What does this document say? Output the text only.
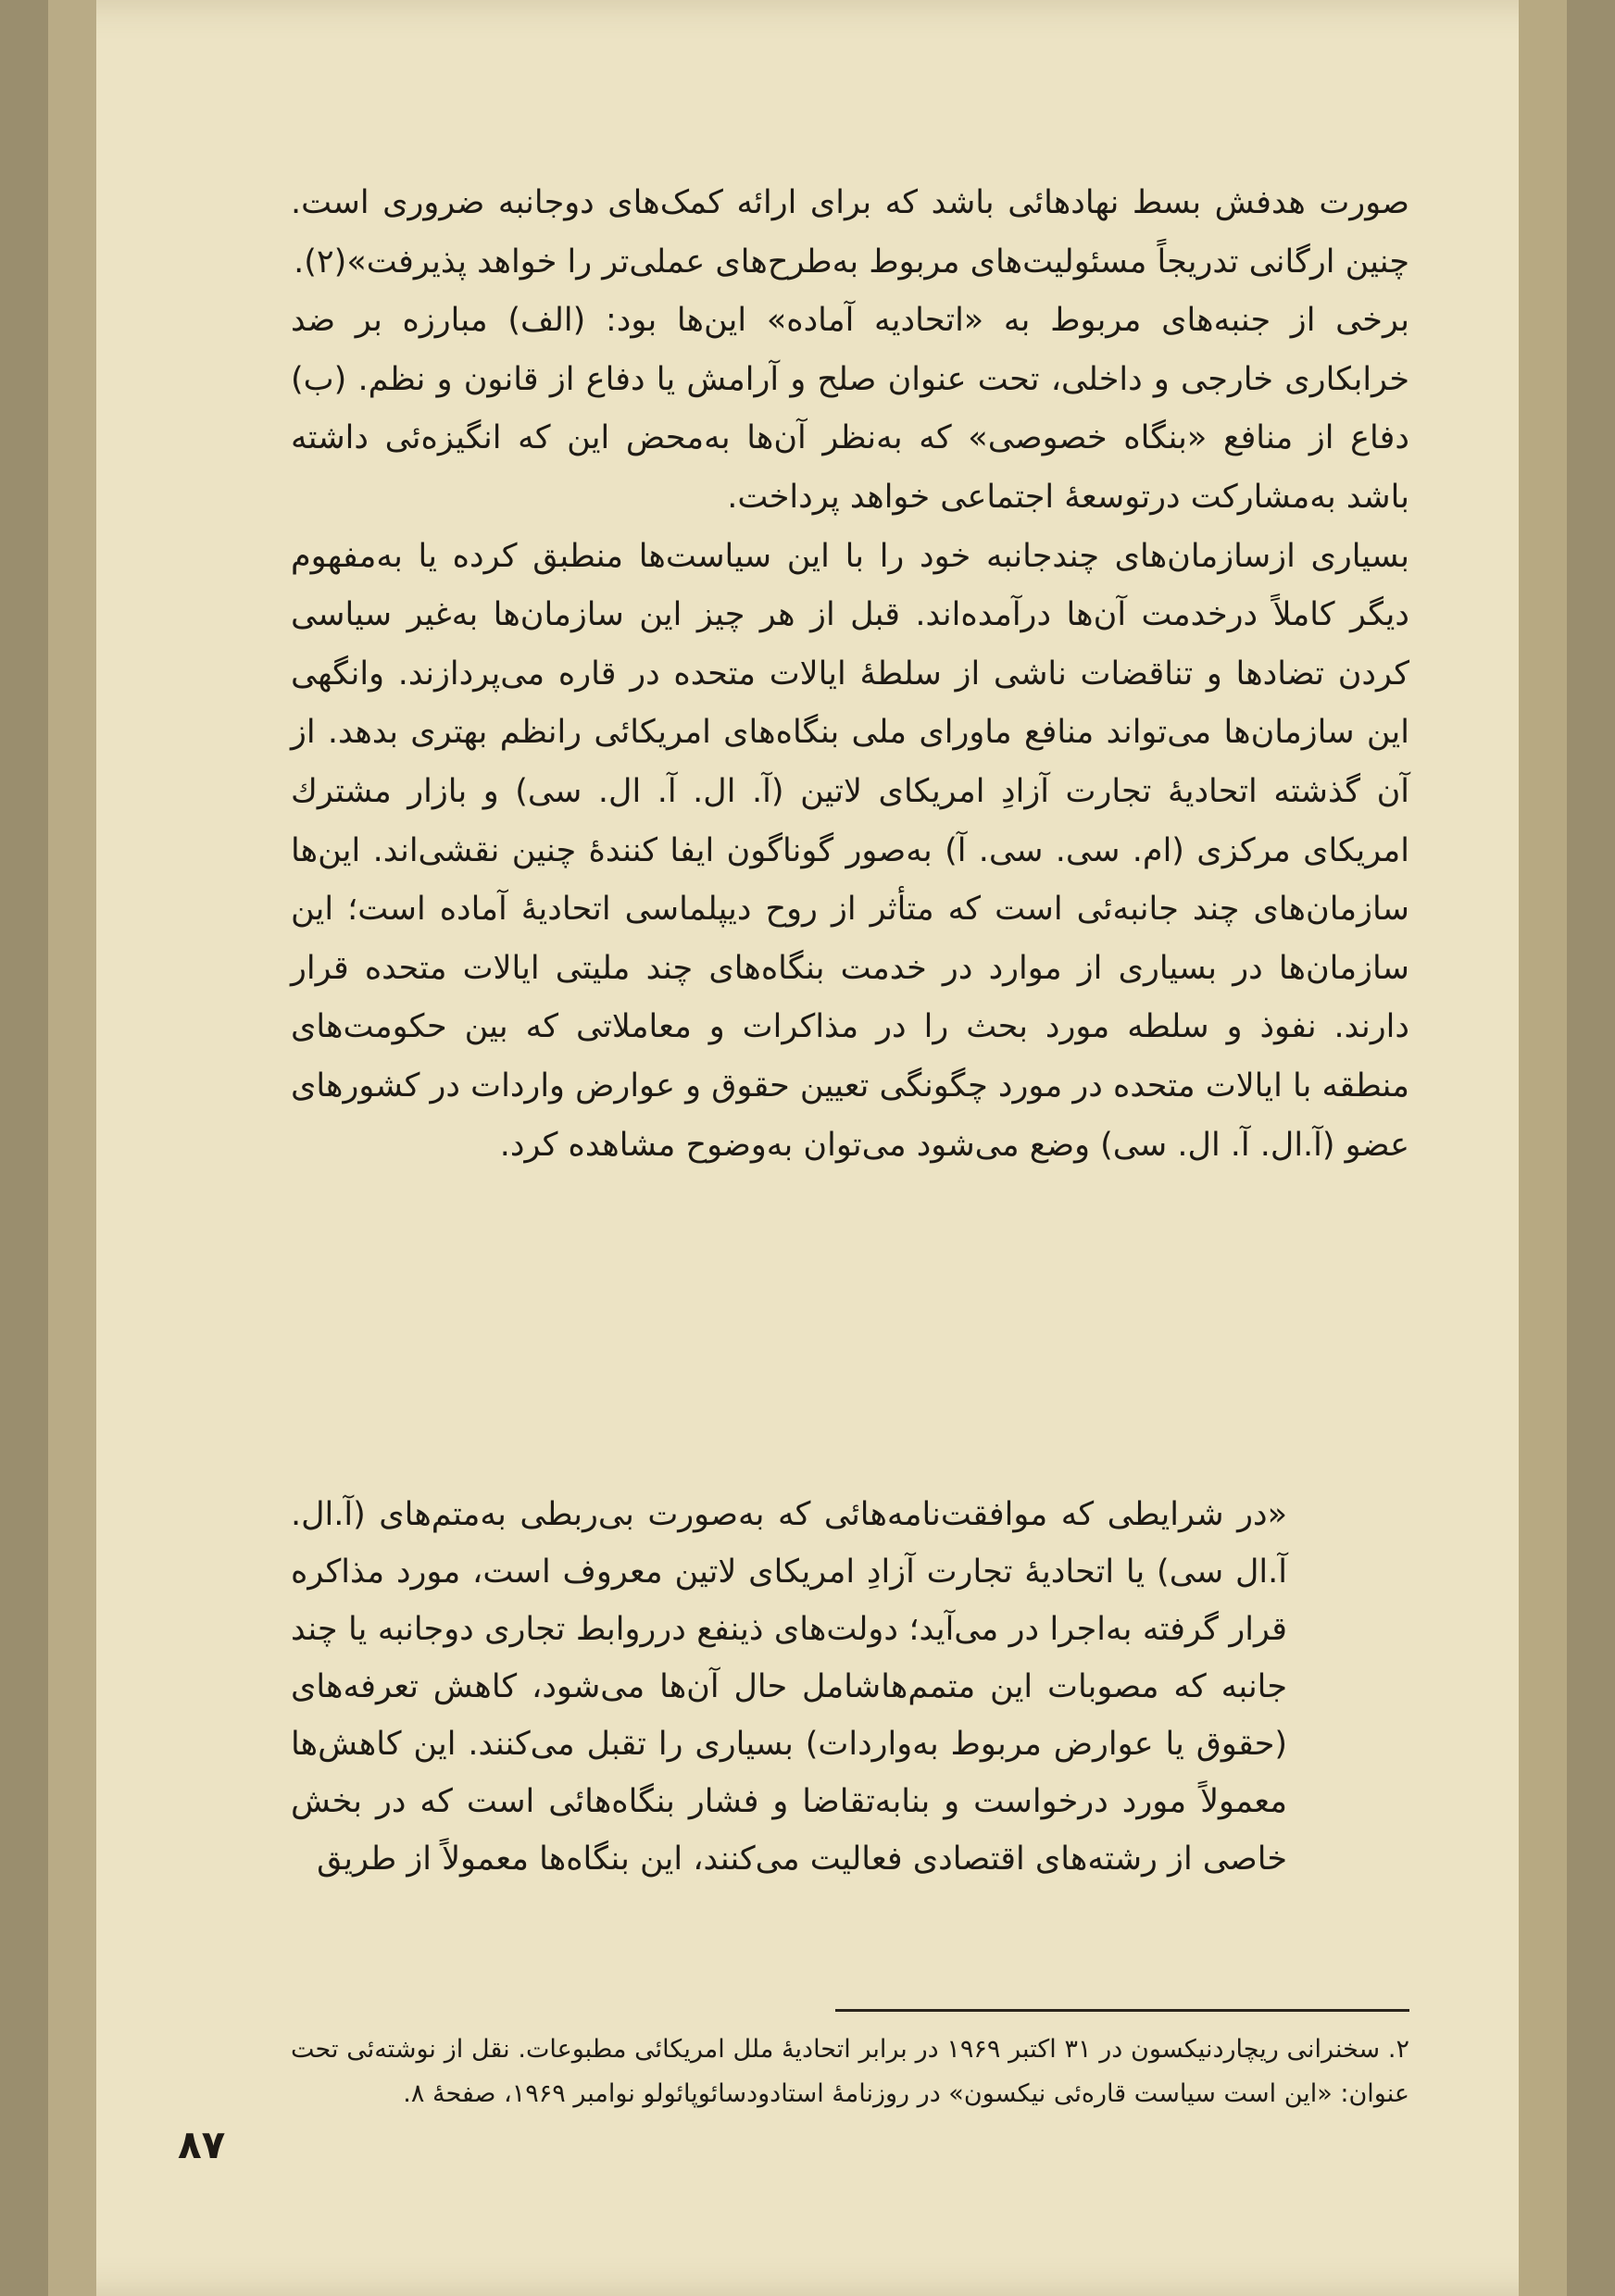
صورت هدفش بسط نهادهائی باشد که برای ارائه کمک‌های دوجانبه ضروری است. چنین ارگانی تدریجاً مسئولیت‌های مربوط به‌طرح‌های عملی‌تر را خواهد پذیرفت»(۲).

برخی از جنبه‌های مربوط به «اتحادیه آماده» این‌ها بود: (الف) مبارزه بر ضد خرابکاری خارجی و داخلی، تحت عنوان صلح و آرامش یا دفاع از قانون و نظم. (ب) دفاع از منافع «بنگاه خصوصی» که به‌نظر آن‌ها به‌محض این که انگیزه‌ئی داشته باشد به‌مشارکت درتوسعهٔ اجتماعی خواهد پرداخت.

بسیاری ازسازمان‌های چندجانبه خود را با این سیاست‌ها منطبق کرده یا به‌مفهوم دیگر کاملاً درخدمت آن‌ها درآمده‌اند. قبل از هر چیز این سازمان‌ها به‌غیر سیاسی کردن تضادها و تناقضات ناشی از سلطهٔ ایالات متحده در قاره می‌پردازند. وانگهی این سازمان‌ها می‌تواند منافع ماورای ملی بنگاه‌های امریکائی رانظم بهتری بدهد. از آن گذشته اتحادیهٔ تجارت آزادِ امریکای لاتین (آ. ال. آ. ال. سی) و بازار مشترك امریکای مرکزی (ام. سی. سی. آ) به‌صور گوناگون ایفا کنندهٔ چنین نقشی‌اند. این‌ها سازمان‌های چند جانبه‌ئی است که متأثر از روح دیپلماسی اتحادیهٔ آماده است؛ این سازمان‌ها در بسیاری از موارد در خدمت بنگاه‌های چند ملیتی ایالات متحده قرار دارند. نفوذ و سلطه مورد بحث را در مذاکرات و معاملاتی که بین حکومت‌های منطقه با ایالات متحده در مورد چگونگی تعیین حقوق و عوارض واردات در کشورهای عضو (آ.ال. آ. ال. سی) وضع می‌شود می‌توان به‌وضوح مشاهده کرد.

«در شرایطی که موافقت‌نامه‌هائی که به‌صورت بی‌ربطی به‌متم‌های (آ.ال. آ.ال سی) یا اتحادیهٔ تجارت آزادِ امریکای لاتین معروف است، مورد مذاکره قرار گرفته به‌اجرا در می‌آید؛ دولت‌های ذینفع درروابط تجاری دوجانبه یا چند جانبه که مصوبات این متمم‌هاشامل حال آن‌ها می‌شود، کاهش تعرفه‌های (حقوق یا عوارض مربوط به‌واردات) بسیاری را تقبل می‌کنند. این کاهش‌ها معمولاً مورد درخواست و بنابه‌تقاضا و فشار بنگاه‌هائی است که در بخش خاصی از رشته‌های اقتصادی فعالیت می‌کنند، این بنگاه‌ها معمولاً از طریق

۲. سخنرانی ریچاردنیکسون در ۳۱ اکتبر ۱۹۶۹ در برابر اتحادیهٔ ملل امریکائی مطبوعات. نقل از نوشته‌ئی تحت عنوان: «این است سیاست قاره‌ئی نیکسون» در روزنامهٔ استادودسائوپائولو نوامبر ۱۹۶۹، صفحهٔ ۸.

۸۷
